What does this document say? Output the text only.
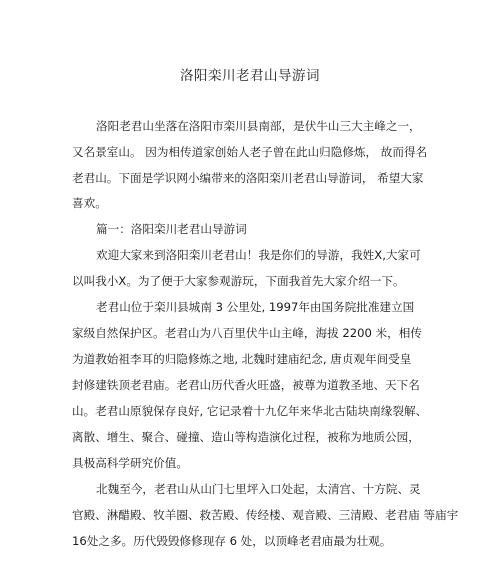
洛阳栾川老君山导游词
洛阳老君山坐落在洛阳市栾川县南部，是伏牛山三大主峰之一，
又名景室山。 因为相传道家创始人老子曾在此山归隐修炼， 故而得名
老君山。下面是学识网小编带来的洛阳栾川老君山导游词， 希望大家
喜欢。
篇一：洛阳栾川老君山导游词
欢迎大家来到洛阳栾川老君山！我是你们的导游，我姓X,大家可
以叫我小X。为了便于大家参观游玩，下面我首先大家介绍一下。
老君山位于栾川县城南 3 公里处, 1997年由国务院批准建立国
家级自然保护区。老君山为八百里伏牛山主峰，海拔 2200 米，相传
为道教始祖李耳的归隐修炼之地, 北魏时建庙纪念, 唐贞观年间受皇
封修建铁顶老君庙。老君山历代香火旺盛，被尊为道教圣地、天下名
山。老君山原貌保存良好, 它记录着十九亿年来华北古陆块南缘裂解、
离散、增生、聚合、碰撞、造山等构造演化过程，被称为地质公园，
具极高科学研究价值。
北魏至今，老君山从山门七里坪入口处起，太清宫、十方院、灵
官殿、淋醋殿、牧羊圈、救苦殿、传经楼、观音殿、三清殿、老君庙 等庙宇
16处之多。历代毁毁修修现存 6 处，以顶峰老君庙最为壮观。
